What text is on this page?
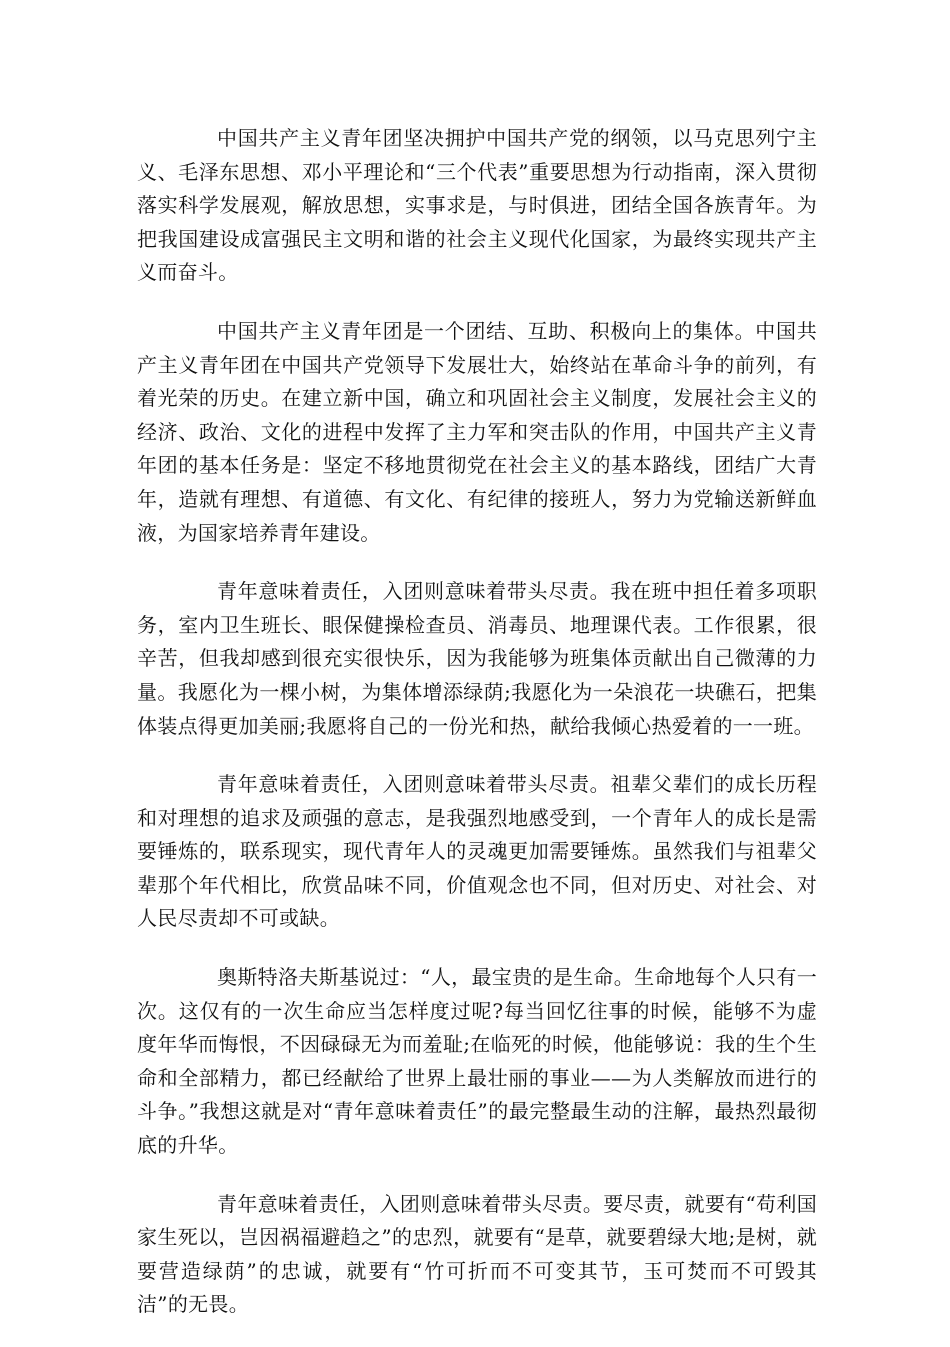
中国共产主义青年团坚决拥护中国共产党的纲领，以马克思列宁主义、毛泽东思想、邓小平理论和“三个代表”重要思想为行动指南，深入贯彻落实科学发展观，解放思想，实事求是，与时俱进，团结全国各族青年。为把我国建设成富强民主文明和谐的社会主义现代化国家，为最终实现共产主义而奋斗。

中国共产主义青年团是一个团结、互助、积极向上的集体。中国共产主义青年团在中国共产党领导下发展壮大，始终站在革命斗争的前列，有着光荣的历史。在建立新中国，确立和巩固社会主义制度，发展社会主义的经济、政治、文化的进程中发挥了主力军和突击队的作用，中国共产主义青年团的基本任务是：坚定不移地贯彻党在社会主义的基本路线，团结广大青年，造就有理想、有道德、有文化、有纪律的接班人，努力为党输送新鲜血液，为国家培养青年建设。

青年意味着责任，入团则意味着带头尽责。我在班中担任着多项职务，室内卫生班长、眼保健操检查员、消毒员、地理课代表。工作很累，很辛苦，但我却感到很充实很快乐，因为我能够为班集体贡献出自己微薄的力量。我愿化为一棵小树，为集体增添绿荫;我愿化为一朵浪花一块礁石，把集体装点得更加美丽;我愿将自己的一份光和热，献给我倾心热爱着的一一班。

青年意味着责任，入团则意味着带头尽责。祖辈父辈们的成长历程和对理想的追求及顽强的意志，是我强烈地感受到，一个青年人的成长是需要锤炼的，联系现实，现代青年人的灵魂更加需要锤炼。虽然我们与祖辈父辈那个年代相比，欣赏品味不同，价值观念也不同，但对历史、对社会、对人民尽责却不可或缺。

奥斯特洛夫斯基说过：“人，最宝贵的是生命。生命地每个人只有一次。这仅有的一次生命应当怎样度过呢?每当回忆往事的时候，能够不为虚度年华而悔恨，不因碌碌无为而羞耻;在临死的时候，他能够说：我的生个生命和全部精力，都已经献给了世界上最壮丽的事业——为人类解放而进行的斗争。”我想这就是对“青年意味着责任”的最完整最生动的注解，最热烈最彻底的升华。

青年意味着责任，入团则意味着带头尽责。要尽责，就要有“苟利国家生死以，岂因祸福避趋之”的忠烈，就要有“是草，就要碧绿大地;是树，就要营造绿荫”的忠诚，就要有“竹可折而不可变其节，玉可焚而不可毁其洁”的无畏。
